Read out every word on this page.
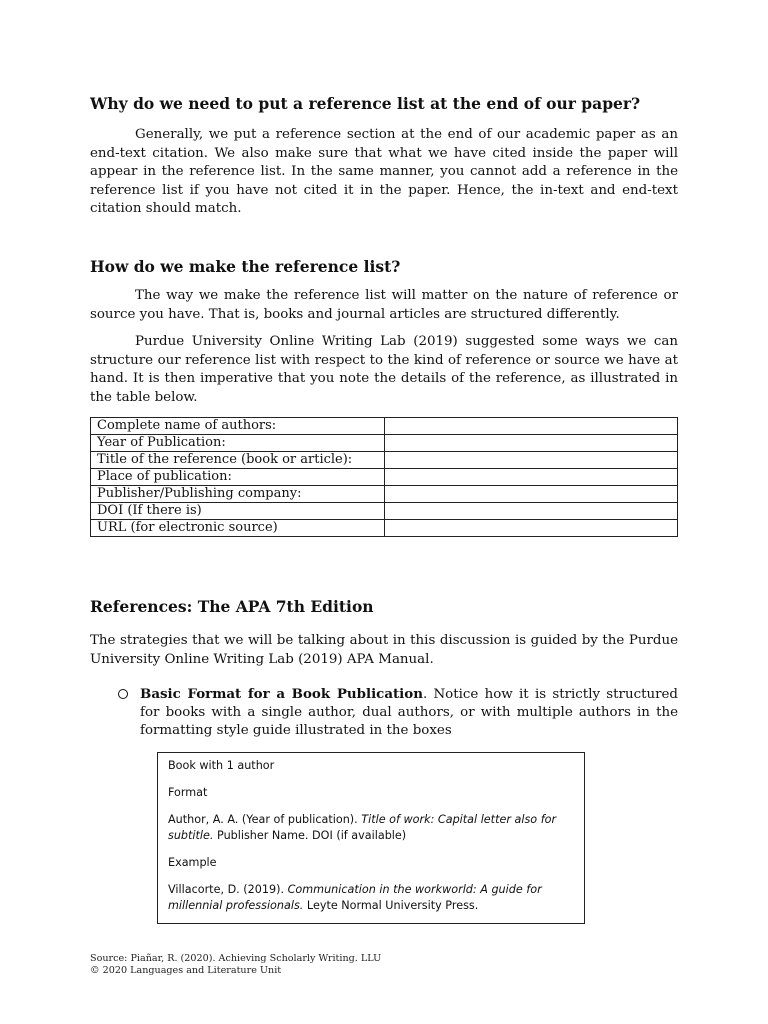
Why do we need to put a reference list at the end of our paper?

Generally, we put a reference section at the end of our academic paper as an end-text citation. We also make sure that what we have cited inside the paper will appear in the reference list. In the same manner, you cannot add a reference in the reference list if you have not cited it in the paper. Hence, the in-text and end-text citation should match.

How do we make the reference list?

The way we make the reference list will matter on the nature of reference or source you have. That is, books and journal articles are structured differently.

Purdue University Online Writing Lab (2019) suggested some ways we can structure our reference list with respect to the kind of reference or source we have at hand. It is then imperative that you note the details of the reference, as illustrated in the table below.

Complete name of authors:	
Year of Publication:	
Title of the reference (book or article):	
Place of publication:	
Publisher/Publishing company:	
DOI (If there is)	
URL (for electronic source)	
References: The APA 7th Edition

The strategies that we will be talking about in this discussion is guided by the Purdue University Online Writing Lab (2019) APA Manual.

Basic Format for a Book Publication. Notice how it is strictly structured for books with a single author, dual authors, or with multiple authors in the formatting style guide illustrated in the boxes

Book with 1 author

Format

Author, A. A. (Year of publication). Title of work: Capital letter also for subtitle. Publisher Name. DOI (if available)

Example

Villacorte, D. (2019). Communication in the workworld: A guide for millennial professionals. Leyte Normal University Press.

Source: Piañar, R. (2020). Achieving Scholarly Writing. LLU
© 2020 Languages and Literature Unit
